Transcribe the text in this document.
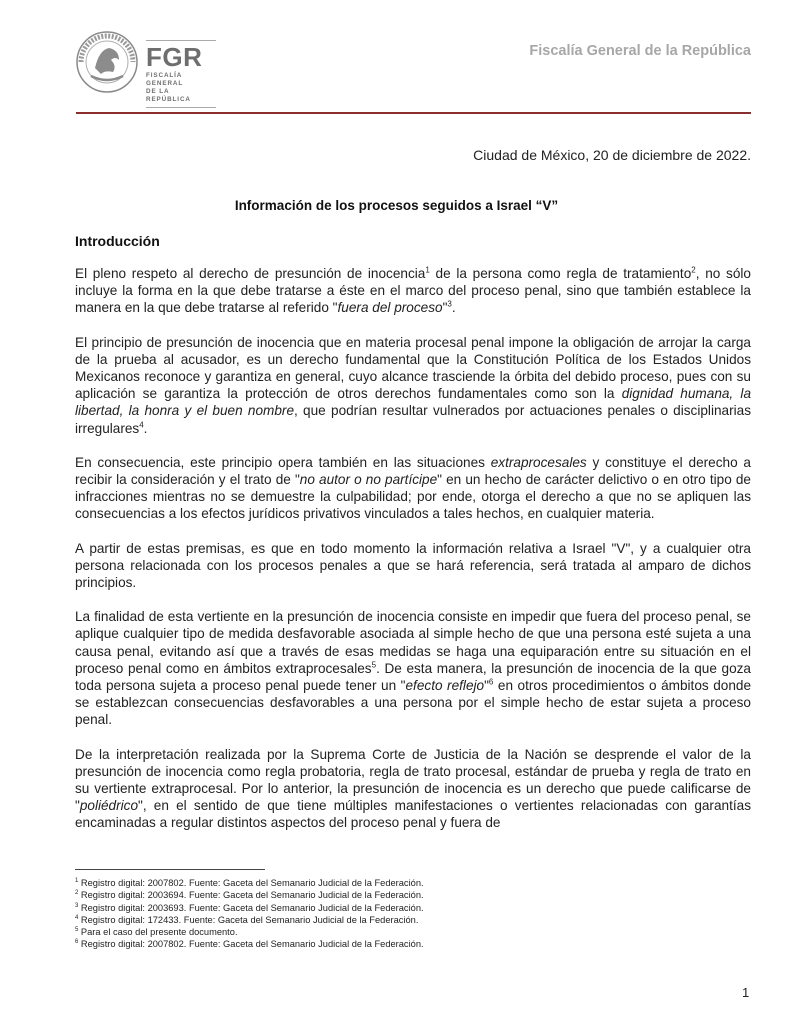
FGR
FISCALÍA GENERAL
DE LA REPÚBLICA
Fiscalía General de la República
Ciudad de México, 20 de diciembre de 2022.
Información de los procesos seguidos a Israel “V”
Introducción

El pleno respeto al derecho de presunción de inocencia$^1$ de la persona como regla de tratamiento$^2$, no sólo incluye la forma en la que debe tratarse a éste en el marco del proceso penal, sino que también establece la manera en la que debe tratarse al referido "fuera del proceso"$^3$.

El principio de presunción de inocencia que en materia procesal penal impone la obligación de arrojar la carga de la prueba al acusador, es un derecho fundamental que la Constitución Política de los Estados Unidos Mexicanos reconoce y garantiza en general, cuyo alcance trasciende la órbita del debido proceso, pues con su aplicación se garantiza la protección de otros derechos fundamentales como son la dignidad humana, la libertad, la honra y el buen nombre, que podrían resultar vulnerados por actuaciones penales o disciplinarias irregulares$^4$.

En consecuencia, este principio opera también en las situaciones extraprocesales y constituye el derecho a recibir la consideración y el trato de "no autor o no partícipe" en un hecho de carácter delictivo o en otro tipo de infracciones mientras no se demuestre la culpabilidad; por ende, otorga el derecho a que no se apliquen las consecuencias a los efectos jurídicos privativos vinculados a tales hechos, en cualquier materia.

A partir de estas premisas, es que en todo momento la información relativa a Israel "V", y a cualquier otra persona relacionada con los procesos penales a que se hará referencia, será tratada al amparo de dichos principios.

La finalidad de esta vertiente en la presunción de inocencia consiste en impedir que fuera del proceso penal, se aplique cualquier tipo de medida desfavorable asociada al simple hecho de que una persona esté sujeta a una causa penal, evitando así que a través de esas medidas se haga una equiparación entre su situación en el proceso penal como en ámbitos extraprocesales$^5$. De esta manera, la presunción de inocencia de la que goza toda persona sujeta a proceso penal puede tener un "efecto reflejo"$^6$ en otros procedimientos o ámbitos donde se establezcan consecuencias desfavorables a una persona por el simple hecho de estar sujeta a proceso penal.

De la interpretación realizada por la Suprema Corte de Justicia de la Nación se desprende el valor de la presunción de inocencia como regla probatoria, regla de trato procesal, estándar de prueba y regla de trato en su vertiente extraprocesal. Por lo anterior, la presunción de inocencia es un derecho que puede calificarse de "poliédrico", en el sentido de que tiene múltiples manifestaciones o vertientes relacionadas con garantías encaminadas a regular distintos aspectos del proceso penal y fuera de

$^1$ Registro digital: 2007802. Fuente: Gaceta del Semanario Judicial de la Federación.
$^2$ Registro digital: 2003694. Fuente: Gaceta del Semanario Judicial de la Federación.
$^3$ Registro digital: 2003693. Fuente: Gaceta del Semanario Judicial de la Federación.
$^4$ Registro digital: 172433. Fuente: Gaceta del Semanario Judicial de la Federación.
$^5$ Para el caso del presente documento.
$^6$ Registro digital: 2007802. Fuente: Gaceta del Semanario Judicial de la Federación.
1
